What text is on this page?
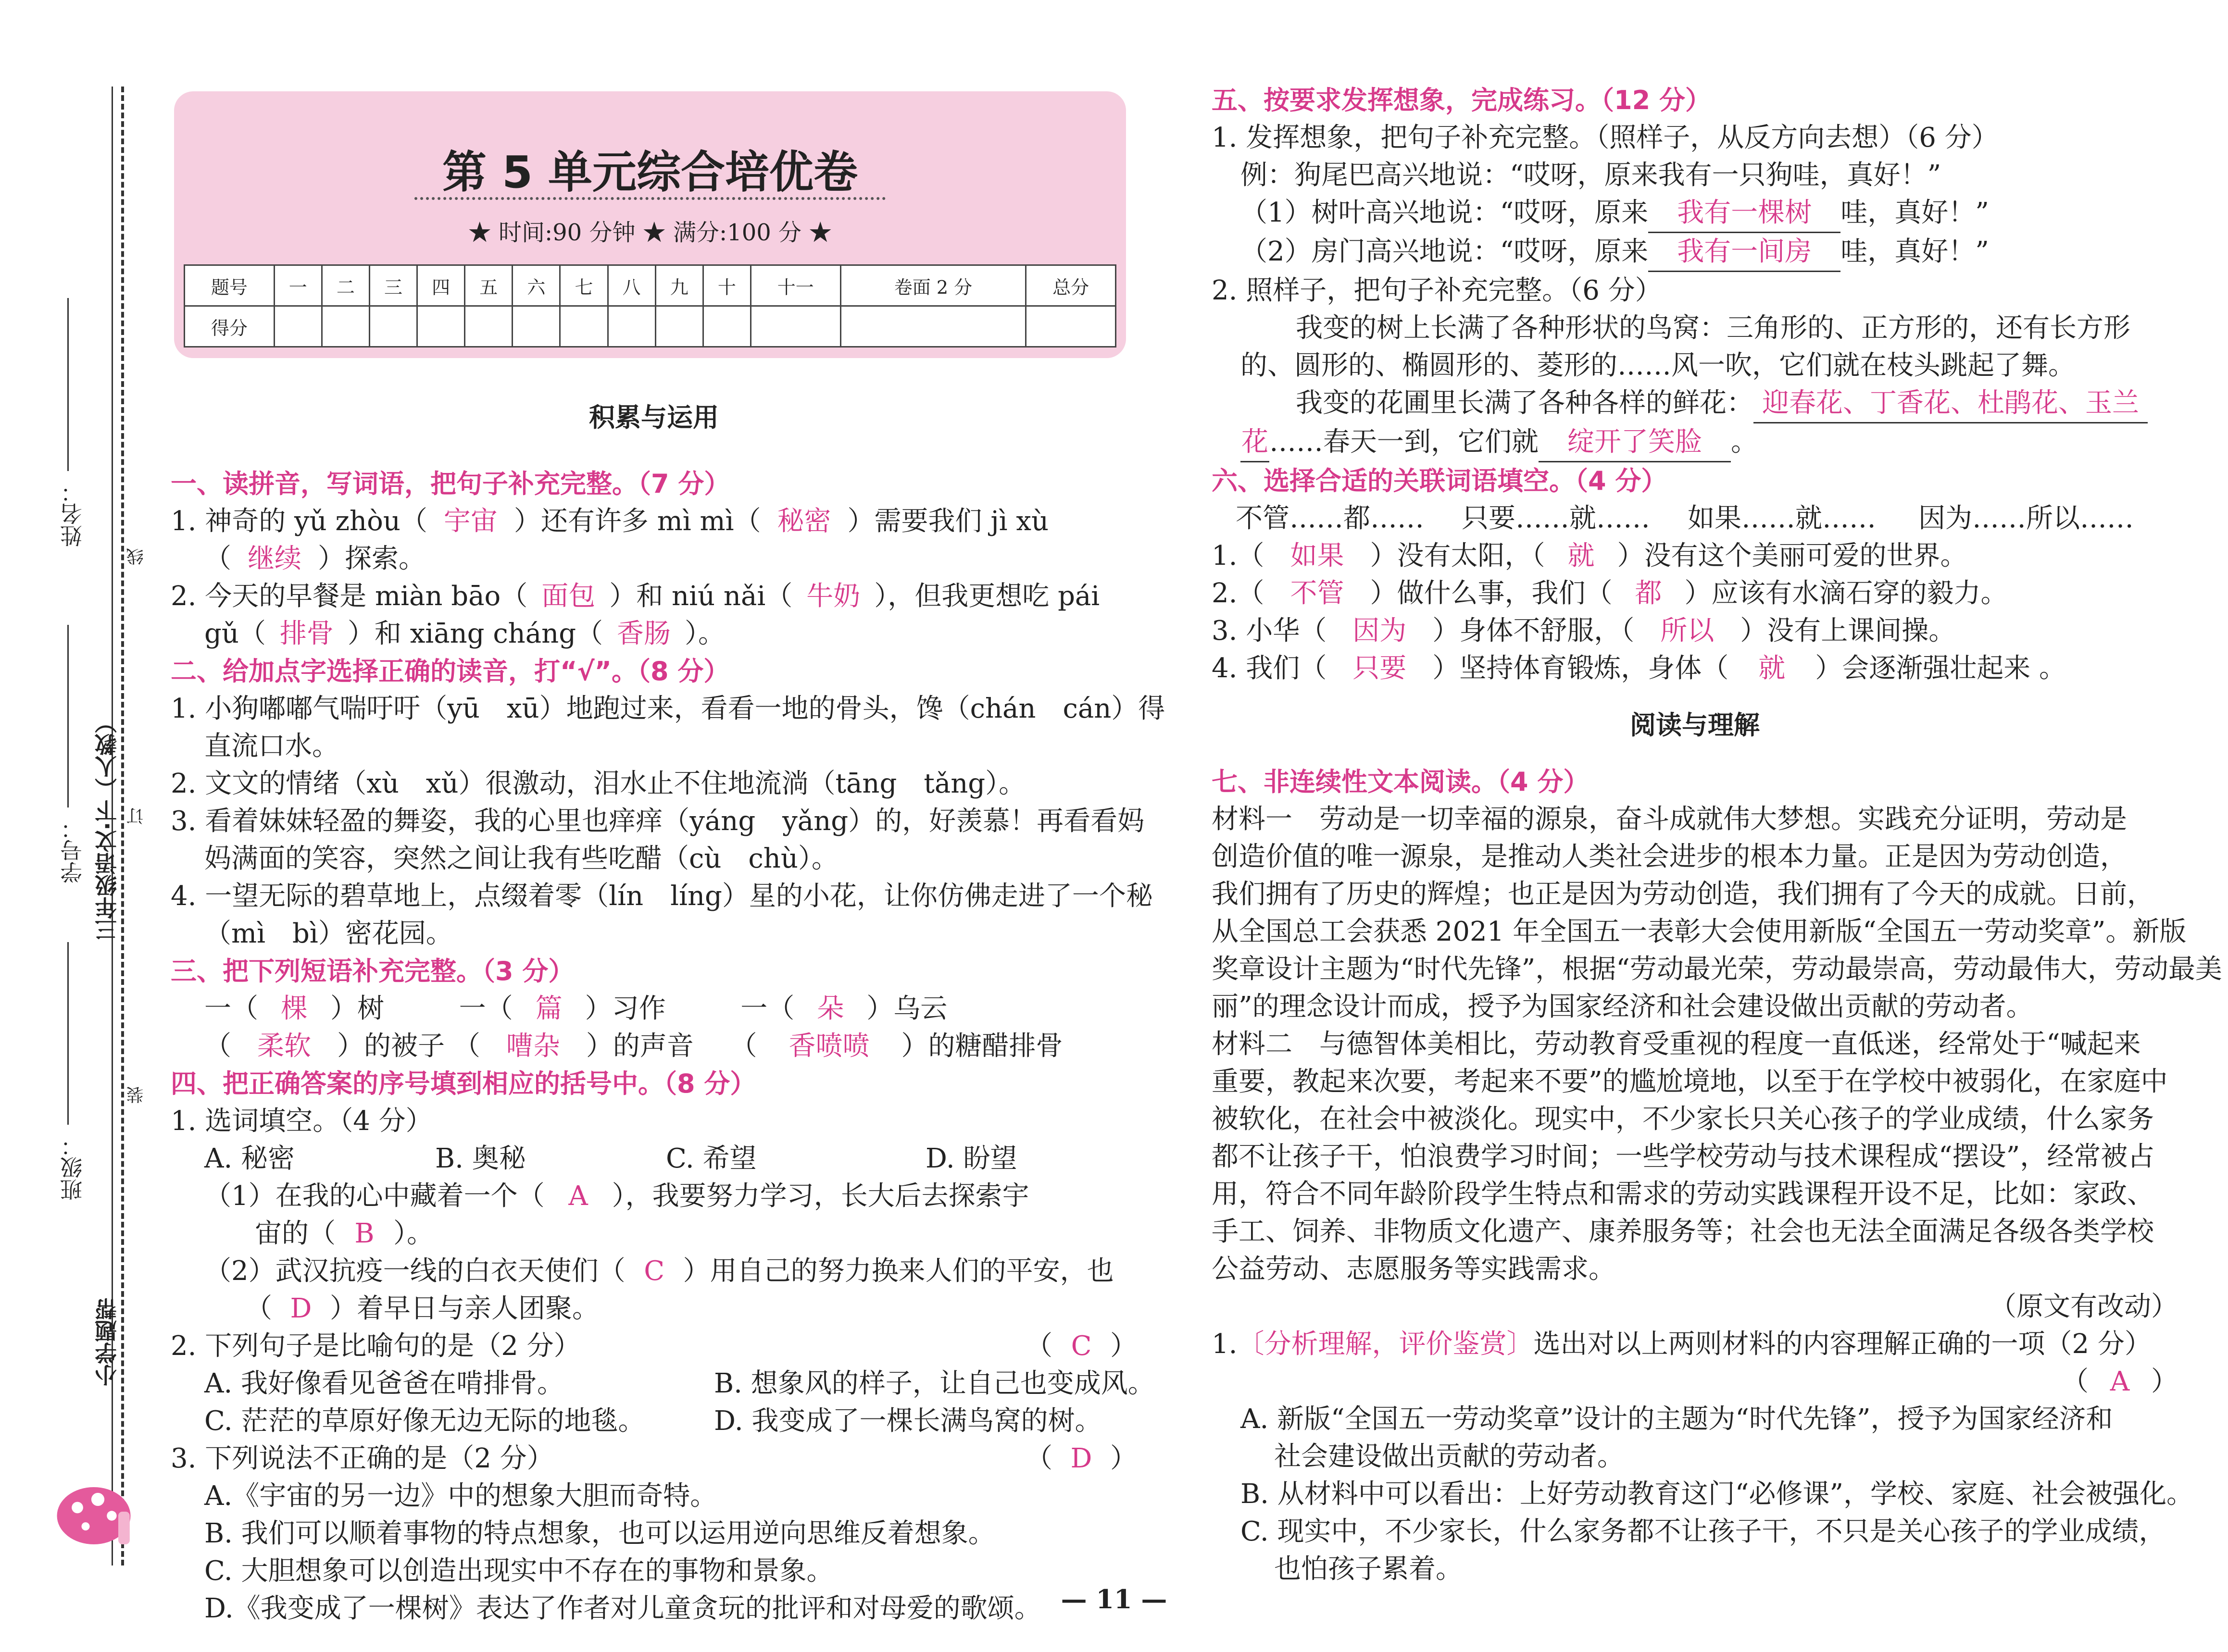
姓名：
学号：
班级：
三年级语文·下（人教）
小学题帮
线
订
装
第 5 单元综合培优卷
★ 时间:90 分钟 ★ 满分:100 分 ★
题号	一	二	三	四	五	六	七	八	九	十	十一	卷面 2 分	总分
得分													

积累与运用

一、读拼音，写词语，把句子补充完整。（7 分）

1. 神奇的 yǔ zhòu（ 宇宙 ）还有许多 mì mì（ 秘密 ）需要我们 jì xù

（ 继续 ）探索。

2. 今天的早餐是 miàn bāo（ 面包 ）和 niú nǎi（ 牛奶 ），但我更想吃 pái

gǔ（ 排骨 ）和 xiāng cháng（ 香肠 ）。

二、给加点字选择正确的读音，打“√”。（8 分）

1. 小狗嘟嘟气喘吁吁（yū　xū）地跑过来，看看一地的骨头，馋（chán　cán）得

直流口水。

2. 文文的情绪（xù　xǔ）很激动，泪水止不住地流淌（tāng　tǎng）。

3. 看着妹妹轻盈的舞姿，我的心里也痒痒（yáng　yǎng）的，好羡慕！再看看妈

妈满面的笑容，突然之间让我有些吃醋（cù　chù）。

4. 一望无际的碧草地上，点缀着零（lín　líng）星的小花，让你仿佛走进了一个秘

（mì　bì）密花园。

三、把下列短语补充完整。（3 分）

一（ 棵 ）树	一（ 篇 ）习作	一（ 朵 ）乌云

（ 柔软 ）的被子 （ 嘈杂 ）的声音 （ 香喷喷 ）的糖醋排骨

四、把正确答案的序号填到相应的括号中。（8 分）

1. 选词填空。（4 分）

A. 秘密	B. 奥秘	C. 希望	D. 盼望

（1）在我的心中藏着一个（ A ），我要努力学习，长大后去探索宇

宙的（ B ）。

（2）武汉抗疫一线的白衣天使们（ C ）用自己的努力换来人们的平安，也

（ D ）着早日与亲人团聚。

2. 下列句子是比喻句的是（2 分）	（ C ）

A. 我好像看见爸爸在啃排骨。	B. 想象风的样子，让自己也变成风。

C. 茫茫的草原好像无边无际的地毯。	D. 我变成了一棵长满鸟窝的树。

3. 下列说法不正确的是（2 分）	（ D ）

A.《宇宙的另一边》中的想象大胆而奇特。

B. 我们可以顺着事物的特点想象，也可以运用逆向思维反着想象。

C. 大胆想象可以创造出现实中不存在的事物和景象。

D.《我变成了一棵树》表达了作者对儿童贪玩的批评和对母爱的歌颂。

五、按要求发挥想象，完成练习。（12 分）

1. 发挥想象，把句子补充完整。（照样子，从反方向去想）（6 分）

例：狗尾巴高兴地说：“哎呀，原来我有一只狗哇，真好！”

（1）树叶高兴地说：“哎呀，原来 我有一棵树 哇，真好！”

（2）房门高兴地说：“哎呀，原来 我有一间房 哇，真好！”

2. 照样子，把句子补充完整。（6 分）

我变的树上长满了各种形状的鸟窝：三角形的、正方形的，还有长方形

的、圆形的、椭圆形的、菱形的……风一吹，它们就在枝头跳起了舞。

我变的花圃里长满了各种各样的鲜花： 迎春花、丁香花、杜鹃花、玉兰

花……春天一到，它们就 绽开了笑脸 。

六、选择合适的关联词语填空。（4 分）

不管……都…… 只要……就…… 如果……就…… 因为……所以……

1.（ 如果 ）没有太阳，（ 就 ）没有这个美丽可爱的世界。

2.（ 不管 ）做什么事，我们（ 都 ）应该有水滴石穿的毅力。

3. 小华（ 因为 ）身体不舒服，（ 所以 ）没有上课间操。

4. 我们（ 只要 ）坚持体育锻炼，身体（ 就 ）会逐渐强壮起来 。

阅读与理解

七、非连续性文本阅读。（4 分）

材料一　劳动是一切幸福的源泉，奋斗成就伟大梦想。实践充分证明，劳动是

创造价值的唯一源泉，是推动人类社会进步的根本力量。正是因为劳动创造，

我们拥有了历史的辉煌；也正是因为劳动创造，我们拥有了今天的成就。日前，

从全国总工会获悉 2021 年全国五一表彰大会使用新版“全国五一劳动奖章”。新版

奖章设计主题为“时代先锋”，根据“劳动最光荣，劳动最崇高，劳动最伟大，劳动最美

丽”的理念设计而成，授予为国家经济和社会建设做出贡献的劳动者。

材料二　与德智体美相比，劳动教育受重视的程度一直低迷，经常处于“喊起来

重要，教起来次要，考起来不要”的尴尬境地，以至于在学校中被弱化，在家庭中

被软化，在社会中被淡化。现实中，不少家长只关心孩子的学业成绩，什么家务

都不让孩子干，怕浪费学习时间；一些学校劳动与技术课程成“摆设”，经常被占

用，符合不同年龄阶段学生特点和需求的劳动实践课程开设不足，比如：家政、

手工、饲养、非物质文化遗产、康养服务等；社会也无法全面满足各级各类学校

公益劳动、志愿服务等实践需求。

（原文有改动）

1.〔分析理解，评价鉴赏〕选出对以上两则材料的内容理解正确的一项（2 分）

（ A ）

A. 新版“全国五一劳动奖章”设计的主题为“时代先锋”，授予为国家经济和

社会建设做出贡献的劳动者。

B. 从材料中可以看出：上好劳动教育这门“必修课”，学校、家庭、社会被强化。

C. 现实中，不少家长，什么家务都不让孩子干，不只是关心孩子的学业成绩，

也怕孩子累着。

— 11 —
